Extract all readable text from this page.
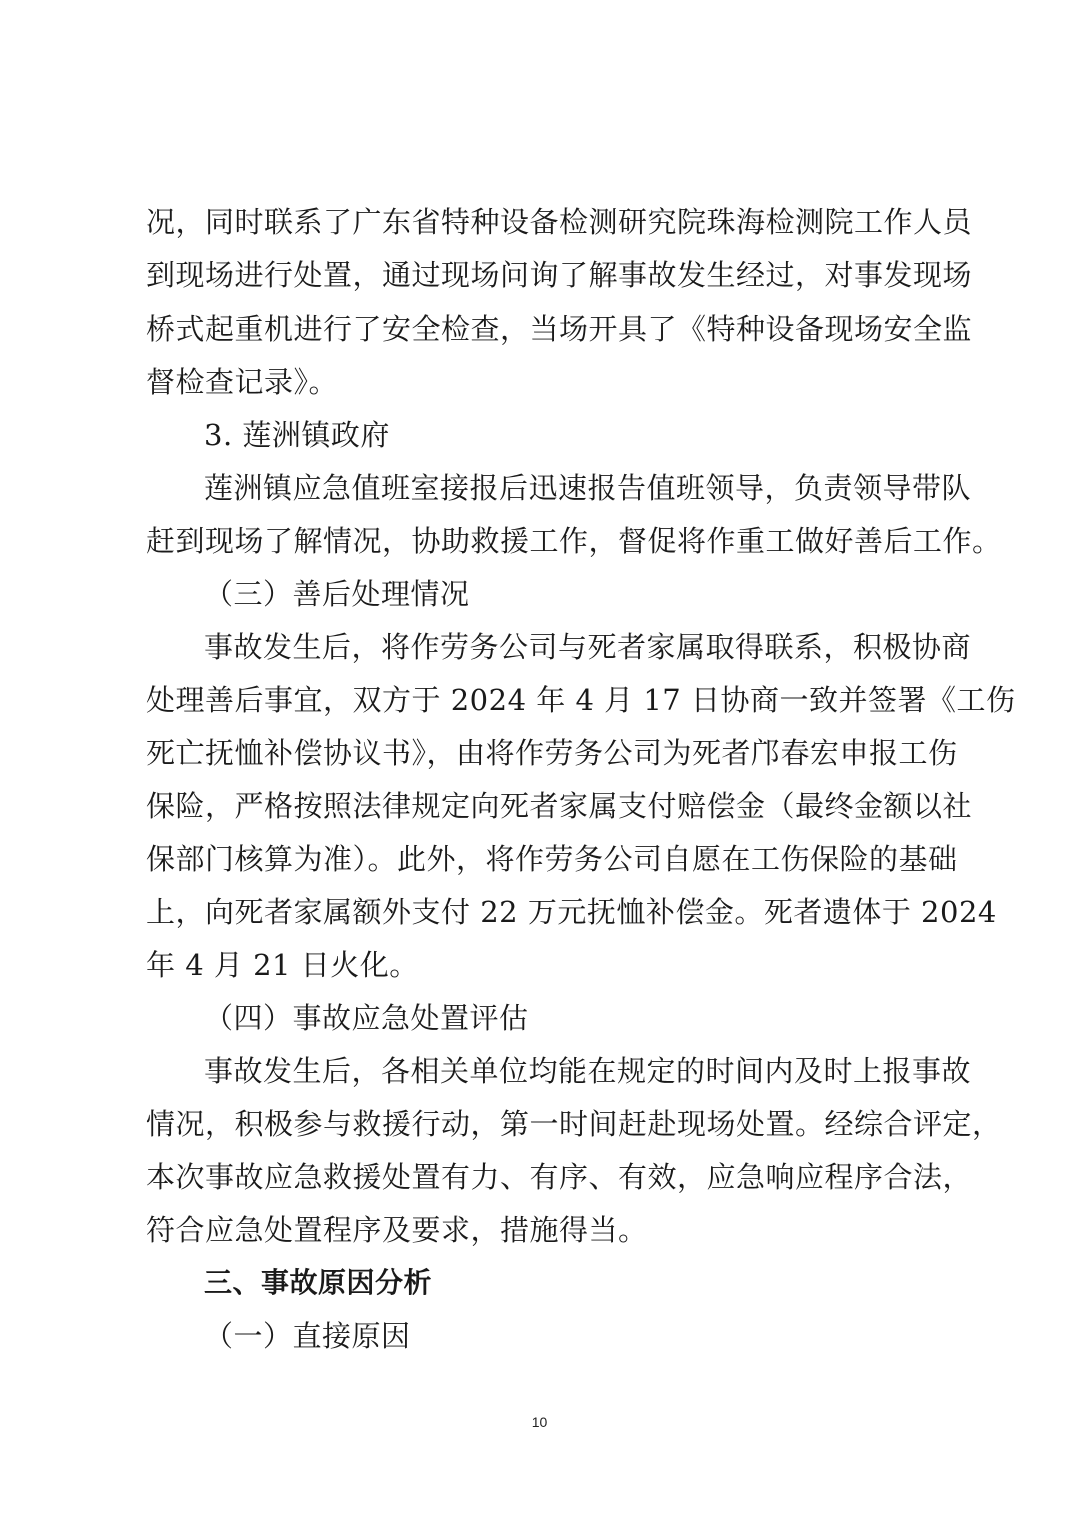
况，同时联系了广东省特种设备检测研究院珠海检测院工作人员
到现场进行处置，通过现场问询了解事故发生经过，对事发现场
桥式起重机进行了安全检查，当场开具了《特种设备现场安全监
督检查记录》。
3. 莲洲镇政府
莲洲镇应急值班室接报后迅速报告值班领导，负责领导带队
赶到现场了解情况，协助救援工作，督促将作重工做好善后工作。
（三）善后处理情况
事故发生后，将作劳务公司与死者家属取得联系，积极协商
处理善后事宜，双方于 2024 年 4 月 17 日协商一致并签署《工伤
死亡抚恤补偿协议书》，由将作劳务公司为死者邝春宏申报工伤
保险，严格按照法律规定向死者家属支付赔偿金（最终金额以社
保部门核算为准）。此外，将作劳务公司自愿在工伤保险的基础
上，向死者家属额外支付 22 万元抚恤补偿金。死者遗体于 2024
年 4 月 21 日火化。
（四）事故应急处置评估
事故发生后，各相关单位均能在规定的时间内及时上报事故
情况，积极参与救援行动，第一时间赶赴现场处置。经综合评定，
本次事故应急救援处置有力、有序、有效，应急响应程序合法，
符合应急处置程序及要求，措施得当。
三、事故原因分析
（一）直接原因
10
